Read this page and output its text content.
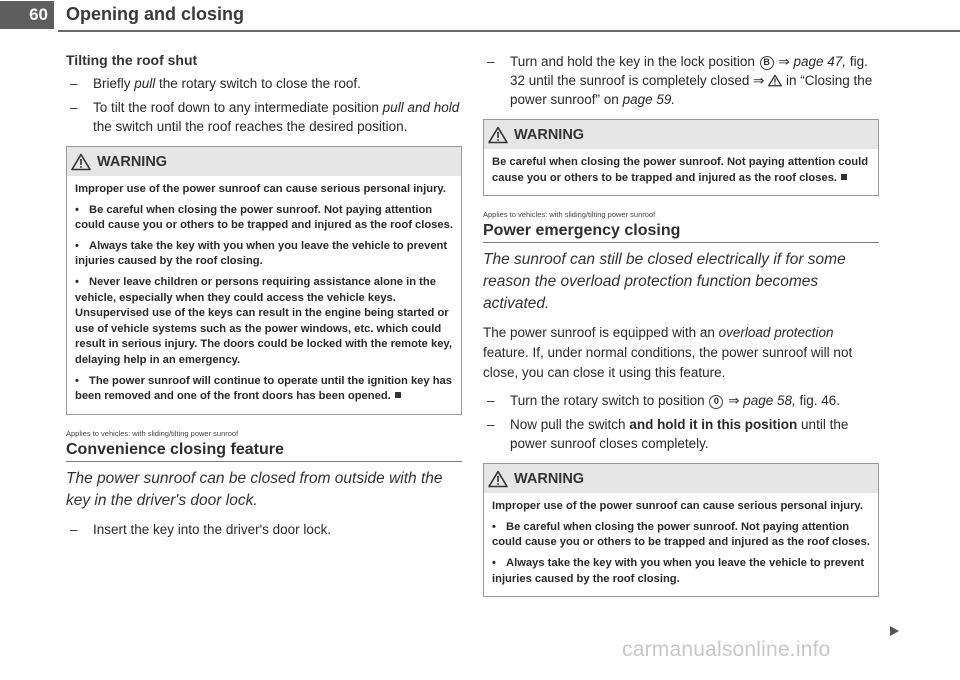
60	Opening and closing
Tilting the roof shut
– Briefly pull the rotary switch to close the roof.
– To tilt the roof down to any intermediate position pull and hold the switch until the roof reaches the desired position.
WARNING

Improper use of the power sunroof can cause serious personal injury.

• Be careful when closing the power sunroof. Not paying attention could cause you or others to be trapped and injured as the roof closes.

• Always take the key with you when you leave the vehicle to prevent injuries caused by the roof closing.

• Never leave children or persons requiring assistance alone in the vehicle, especially when they could access the vehicle keys. Unsupervised use of the keys can result in the engine being started or use of vehicle systems such as the power windows, etc. which could result in serious injury. The doors could be locked with the remote key, delaying help in an emergency.

• The power sunroof will continue to operate until the ignition key has been removed and one of the front doors has been opened.

Applies to vehicles: with sliding/tilting power sunroof
Convenience closing feature
The power sunroof can be closed from outside with the key in the driver's door lock.
– Insert the key into the driver's door lock.
– Turn and hold the key in the lock position B ⇒ page 47, fig. 32 until the sunroof is completely closed ⇒ in “Closing the power sunroof” on page 59.
WARNING

Be careful when closing the power sunroof. Not paying attention could cause you or others to be trapped and injured as the roof closes.

Applies to vehicles: with sliding/tilting power sunroof
Power emergency closing
The sunroof can still be closed electrically if for some reason the overload protection function becomes activated.
The power sunroof is equipped with an overload protection feature. If, under normal conditions, the power sunroof will not close, you can close it using this feature.
– Turn the rotary switch to position 0 ⇒ page 58, fig. 46.
– Now pull the switch and hold it in this position until the power sunroof closes completely.
WARNING

Improper use of the power sunroof can cause serious personal injury.

• Be careful when closing the power sunroof. Not paying attention could cause you or others to be trapped and injured as the roof closes.

• Always take the key with you when you leave the vehicle to prevent injuries caused by the roof closing.

carmanualsonline.info
